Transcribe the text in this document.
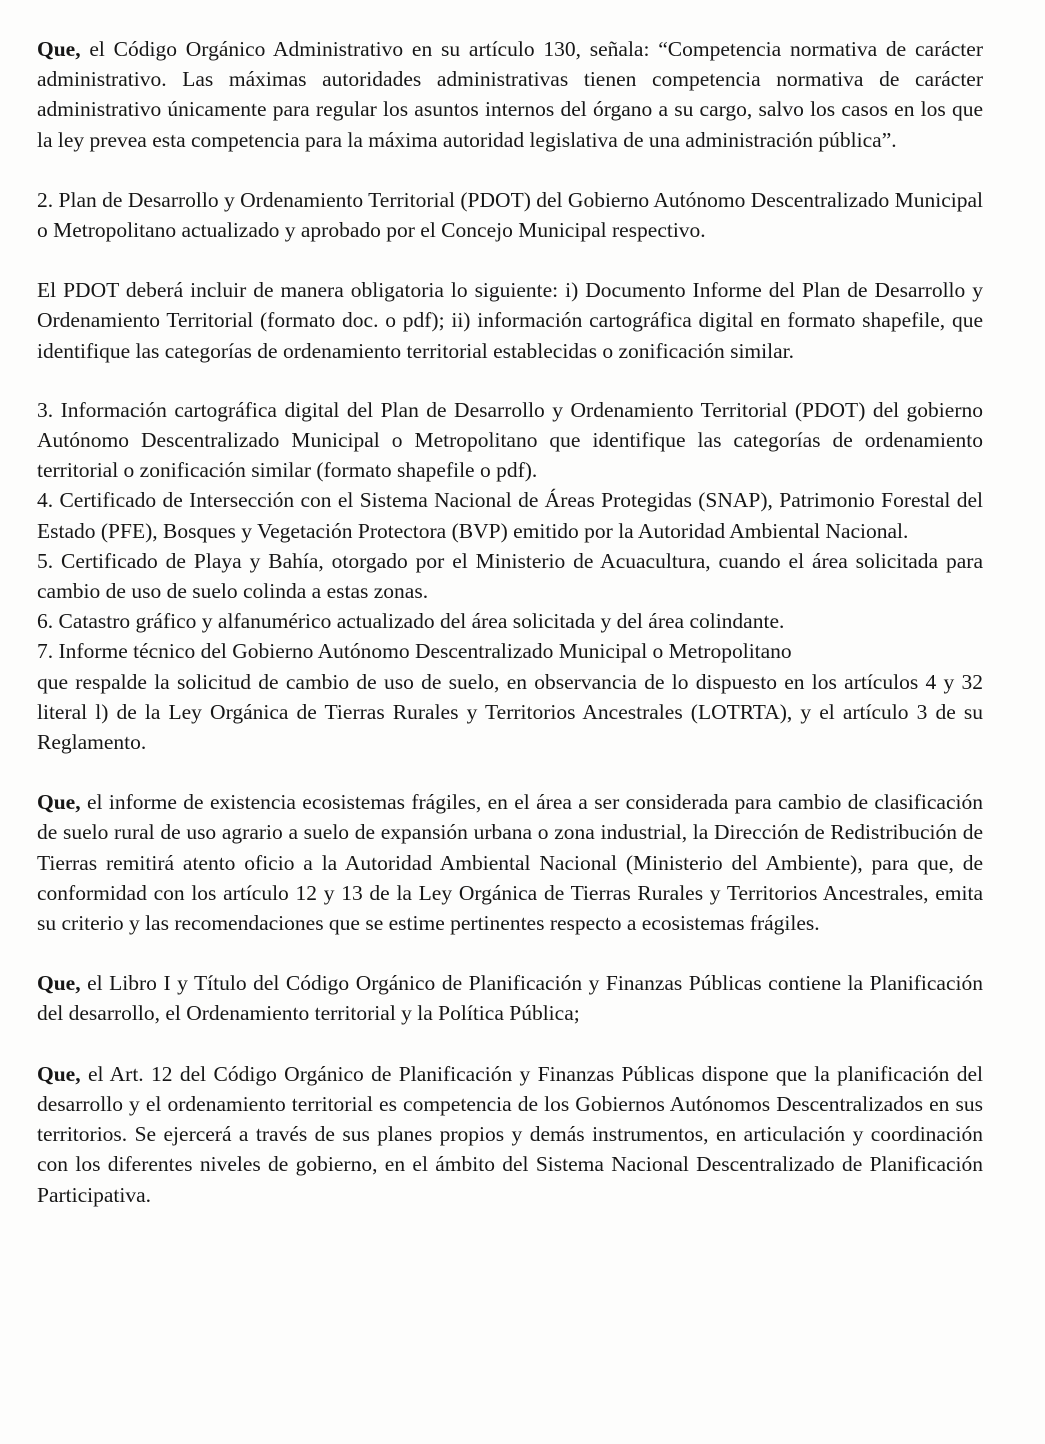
Que, el Código Orgánico Administrativo en su artículo 130, señala: “Competencia normativa de carácter administrativo. Las máximas autoridades administrativas tienen competencia normativa de carácter administrativo únicamente para regular los asuntos internos del órgano a su cargo, salvo los casos en los que la ley prevea esta competencia para la máxima autoridad legislativa de una administración pública”.

2. Plan de Desarrollo y Ordenamiento Territorial (PDOT) del Gobierno Autónomo Descentralizado Municipal o Metropolitano actualizado y aprobado por el Concejo Municipal respectivo.

El PDOT deberá incluir de manera obligatoria lo siguiente: i) Documento Informe del Plan de Desarrollo y Ordenamiento Territorial (formato doc. o pdf); ii) información cartográfica digital en formato shapefile, que identifique las categorías de ordenamiento territorial establecidas o zonificación similar.

3. Información cartográfica digital del Plan de Desarrollo y Ordenamiento Territorial (PDOT) del gobierno Autónomo Descentralizado Municipal o Metropolitano que identifique las categorías de ordenamiento territorial o zonificación similar (formato shapefile o pdf).

4. Certificado de Intersección con el Sistema Nacional de Áreas Protegidas (SNAP), Patrimonio Forestal del Estado (PFE), Bosques y Vegetación Protectora (BVP) emitido por la Autoridad Ambiental Nacional.

5. Certificado de Playa y Bahía, otorgado por el Ministerio de Acuacultura, cuando el área solicitada para cambio de uso de suelo colinda a estas zonas.

6. Catastro gráfico y alfanumérico actualizado del área solicitada y del área colindante.

7. Informe técnico del Gobierno Autónomo Descentralizado Municipal o Metropolitano

que respalde la solicitud de cambio de uso de suelo, en observancia de lo dispuesto en los artículos 4 y 32 literal l) de la Ley Orgánica de Tierras Rurales y Territorios Ancestrales (LOTRTA), y el artículo 3 de su Reglamento.

Que, el informe de existencia ecosistemas frágiles, en el área a ser considerada para cambio de clasificación de suelo rural de uso agrario a suelo de expansión urbana o zona industrial, la Dirección de Redistribución de Tierras remitirá atento oficio a la Autoridad Ambiental Nacional (Ministerio del Ambiente), para que, de conformidad con los artículo 12 y 13 de la Ley Orgánica de Tierras Rurales y Territorios Ancestrales, emita su criterio y las recomendaciones que se estime pertinentes respecto a ecosistemas frágiles.

Que, el Libro I y Título del Código Orgánico de Planificación y Finanzas Públicas contiene la Planificación del desarrollo, el Ordenamiento territorial y la Política Pública;

Que, el Art. 12 del Código Orgánico de Planificación y Finanzas Públicas dispone que la planificación del desarrollo y el ordenamiento territorial es competencia de los Gobiernos Autónomos Descentralizados en sus territorios. Se ejercerá a través de sus planes propios y demás instrumentos, en articulación y coordinación con los diferentes niveles de gobierno, en el ámbito del Sistema Nacional Descentralizado de Planificación Participativa.
